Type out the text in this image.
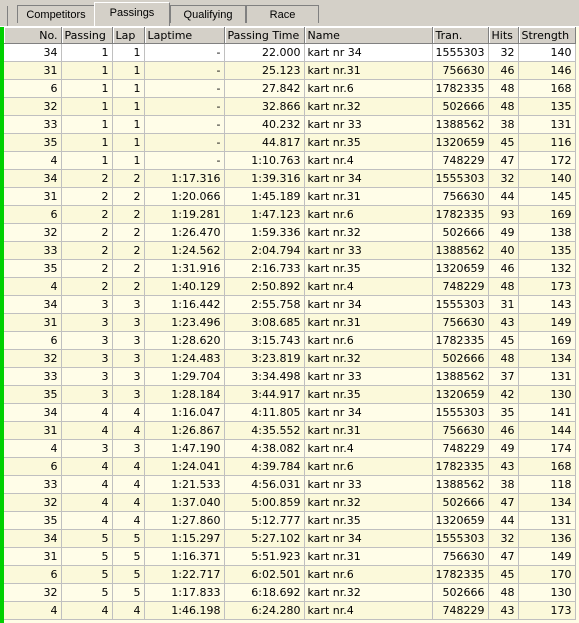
Competitors	Passings	Qualifying	Race
No.	Passing	Lap	Laptime	Passing Time	Name	Tran.	Hits	Strength
34	1	1	-	22.000	kart nr 34	1555303	32	140
31	1	1	-	25.123	kart nr.31	756630	46	146
6	1	1	-	27.842	kart nr.6	1782335	48	168
32	1	1	-	32.866	kart nr.32	502666	48	135
33	1	1	-	40.232	kart nr 33	1388562	38	131
35	1	1	-	44.817	kart nr.35	1320659	45	116
4	1	1	-	1:10.763	kart nr.4	748229	47	172
34	2	2	1:17.316	1:39.316	kart nr 34	1555303	32	140
31	2	2	1:20.066	1:45.189	kart nr.31	756630	44	145
6	2	2	1:19.281	1:47.123	kart nr.6	1782335	93	169
32	2	2	1:26.470	1:59.336	kart nr.32	502666	49	138
33	2	2	1:24.562	2:04.794	kart nr 33	1388562	40	135
35	2	2	1:31.916	2:16.733	kart nr.35	1320659	46	132
4	2	2	1:40.129	2:50.892	kart nr.4	748229	48	173
34	3	3	1:16.442	2:55.758	kart nr 34	1555303	31	143
31	3	3	1:23.496	3:08.685	kart nr.31	756630	43	149
6	3	3	1:28.620	3:15.743	kart nr.6	1782335	45	169
32	3	3	1:24.483	3:23.819	kart nr.32	502666	48	134
33	3	3	1:29.704	3:34.498	kart nr 33	1388562	37	131
35	3	3	1:28.184	3:44.917	kart nr.35	1320659	42	130
34	4	4	1:16.047	4:11.805	kart nr 34	1555303	35	141
31	4	4	1:26.867	4:35.552	kart nr.31	756630	46	144
4	3	3	1:47.190	4:38.082	kart nr.4	748229	49	174
6	4	4	1:24.041	4:39.784	kart nr.6	1782335	43	168
33	4	4	1:21.533	4:56.031	kart nr 33	1388562	38	118
32	4	4	1:37.040	5:00.859	kart nr.32	502666	47	134
35	4	4	1:27.860	5:12.777	kart nr.35	1320659	44	131
34	5	5	1:15.297	5:27.102	kart nr 34	1555303	32	136
31	5	5	1:16.371	5:51.923	kart nr.31	756630	47	149
6	5	5	1:22.717	6:02.501	kart nr.6	1782335	45	170
32	5	5	1:17.833	6:18.692	kart nr.32	502666	48	130
4	4	4	1:46.198	6:24.280	kart nr.4	748229	43	173
